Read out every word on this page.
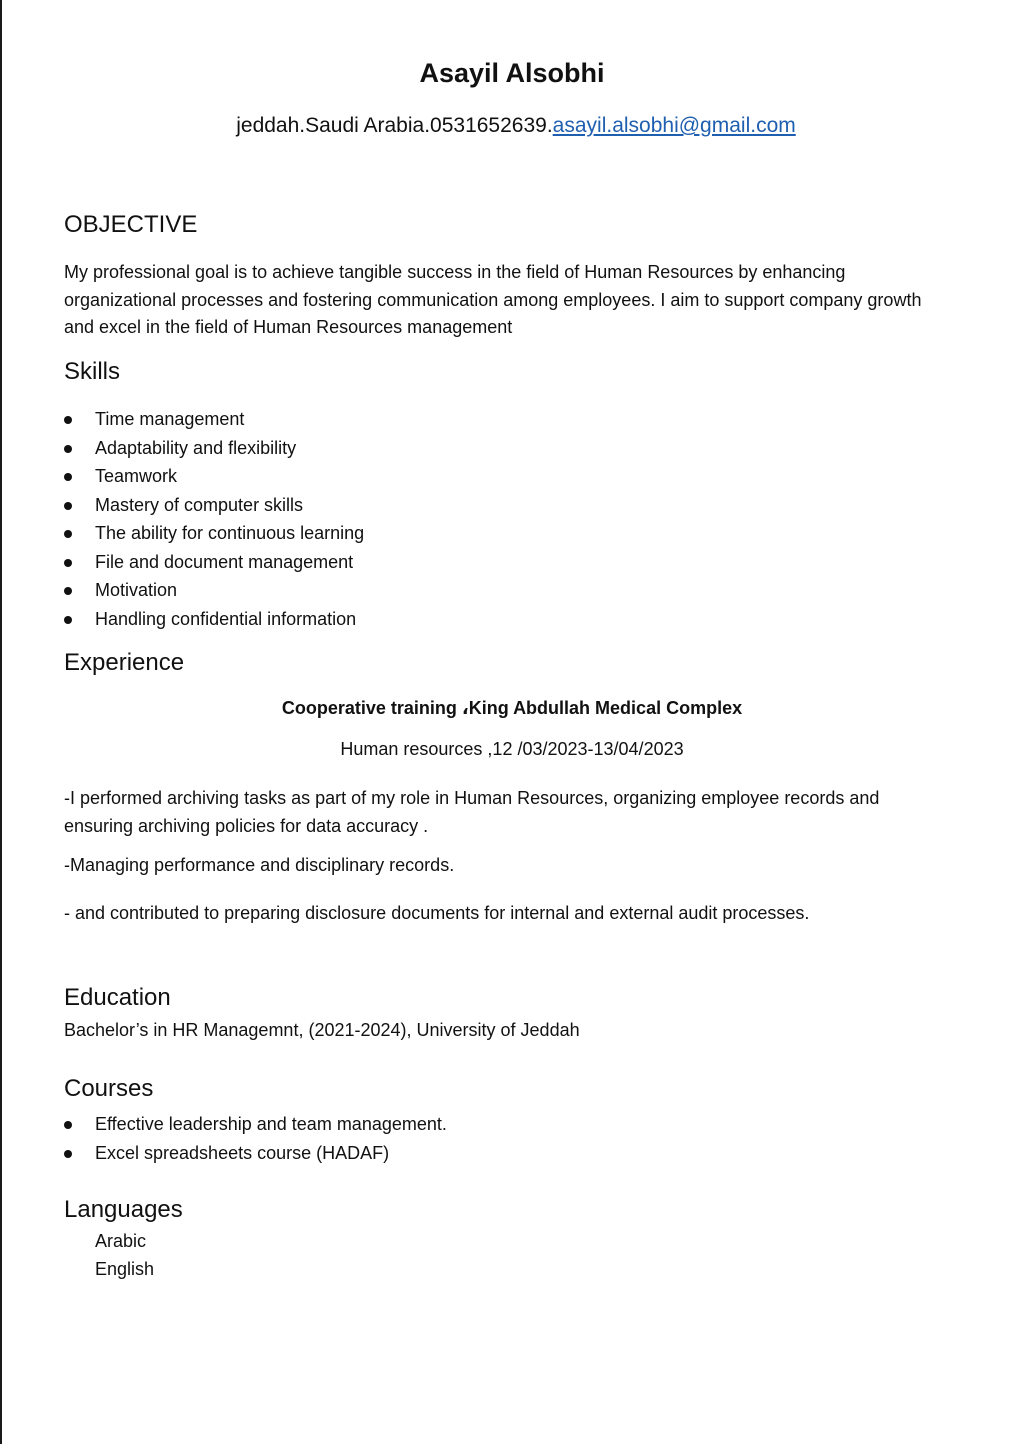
Asayil Alsobhi
jeddah.Saudi Arabia.0531652639.asayil.alsobhi@gmail.com
OBJECTIVE

My professional goal is to achieve tangible success in the field of Human Resources by enhancing organizational processes and fostering communication among employees. I aim to support company growth and excel in the field of Human Resources management

Skills
Time management
Adaptability and flexibility
Teamwork
Mastery of computer skills
The ability for continuous learning
File and document management
Motivation
Handling confidential information
Experience
Cooperative training ،King Abdullah Medical Complex
Human resources ,12 /03/2023-13/04/2023

-I performed archiving tasks as part of my role in Human Resources, organizing employee records and ensuring archiving policies for data accuracy .

-Managing performance and disciplinary records.

- and contributed to preparing disclosure documents for internal and external audit processes.

Education

Bachelor’s in HR Managemnt, (2021-2024), University of Jeddah

Courses
Effective leadership and team management.
Excel spreadsheets course (HADAF)
Languages
Arabic
English
